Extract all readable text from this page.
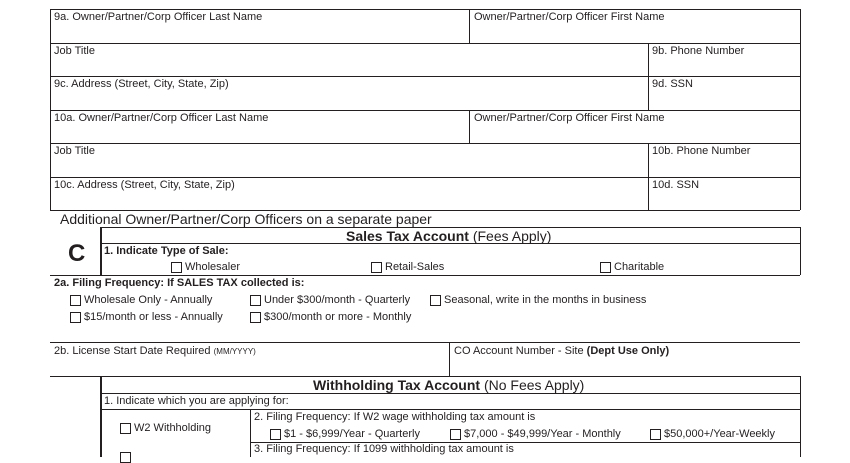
9a. Owner/Partner/Corp Officer Last Name	Owner/Partner/Corp Officer First Name
Job Title	9b. Phone Number
9c. Address (Street, City, State, Zip)	9d. SSN
10a. Owner/Partner/Corp Officer Last Name	Owner/Partner/Corp Officer First Name
Job Title	10b. Phone Number
10c. Address (Street, City, State, Zip)	10d. SSN
Additional Owner/Partner/Corp Officers on a separate paper
C
Sales Tax Account (Fees Apply)
1. Indicate Type of Sale:
Wholesaler	Retail-Sales	Charitable
2a. Filing Frequency: If SALES TAX collected is:
Wholesale Only - Annually	Under $300/month - Quarterly	Seasonal, write in the months in business
$15/month or less - Annually	$300/month or more - Monthly
2b. License Start Date Required (MM/YYYY)	CO Account Number - Site (Dept Use Only)
Withholding Tax Account (No Fees Apply)
1. Indicate which you are applying for:
W2 Withholding
2. Filing Frequency: If W2 wage withholding tax amount is
$1 - $6,999/Year - Quarterly	$7,000 - $49,999/Year - Monthly	$50,000+/Year-Weekly
3. Filing Frequency: If 1099 withholding tax amount is
